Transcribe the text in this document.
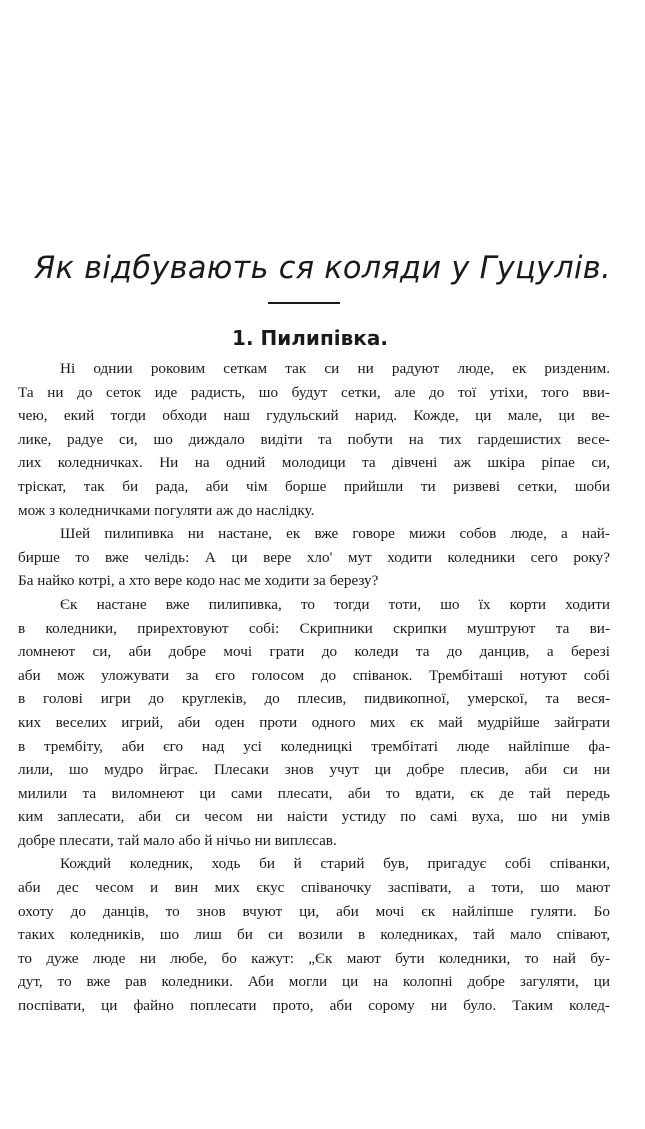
Як відбувають ся коляди у Гуцулів.
1. Пилипівка.
Ні однии роковим сеткам так си ни радуют люде, ек ризденим.
Та ни до сеток иде радисть, шо будут сетки, але до тої утіхи, того вви-
чею, екий тогди обходи наш гудульский нарид. Кожде, ци мале, ци ве-
лике, радуе си, шо диждало видіти та побути на тих гардешистих весе-
лих коледничках. Ни на одний молодици та дівчені аж шкіра ріпае си,
тріскат, так би рада, аби чім борше прийшли ти ризвеві сетки, шоби
мож з коледничками погуляти аж до наслідку.
Шей пилипивка ни настане, ек вже говоре мижи собов люде, а най-
бирше то вже челідь: А ци вере хло' мут ходити коледники сего року?
Ба найко котрі, а хто вере кодо нас ме ходити за березу?
Єк настане вже пилипивка, то тогди тоти, шо їх корти ходити
в коледники, прирехтовуют собі: Скрипники скрипки муштруют та ви-
ломнеют си, аби добре мочі грати до коледи та до данцив, а березі
аби мож уложувати за єго голосом до співанок. Трембіташі нотуют собі
в голові игри до круглеків, до плесив, пидвикопної, умерскої, та веся-
ких веселих игрий, аби оден проти одного мих єк май мудрійше зайграти
в трембіту, аби єго над усі коледницкі трембітаті люде найліпше фа-
лили, шо мудро йграє. Плесаки знов учут ци добре плесив, аби си ни
милили та виломнеют ци сами плесати, аби то вдати, єк де тай передь
ким заплесати, аби си чесом ни наісти устиду по самі вуха, шо ни умів
добре плесати, тай мало або й нічьо ни виплєсав.
Кождий коледник, ходь би й старий був, пригадує собі співанки,
аби дес чесом и вин мих єкус співаночку заспівати, а тоти, шо мают
охоту до данців, то знов вчуют ци, аби мочі єк найліпше гуляти. Бо
таких коледників, шо лиш би си возили в коледниках, тай мало співают,
то дуже люде ни любе, бо кажут: „Єк мают бути коледники, то най бу-
дут, то вже рав коледники. Аби могли ци на колопні добре загуляти, ци
поспівати, ци файно поплесати прото, аби сорому ни було. Таким колед-
